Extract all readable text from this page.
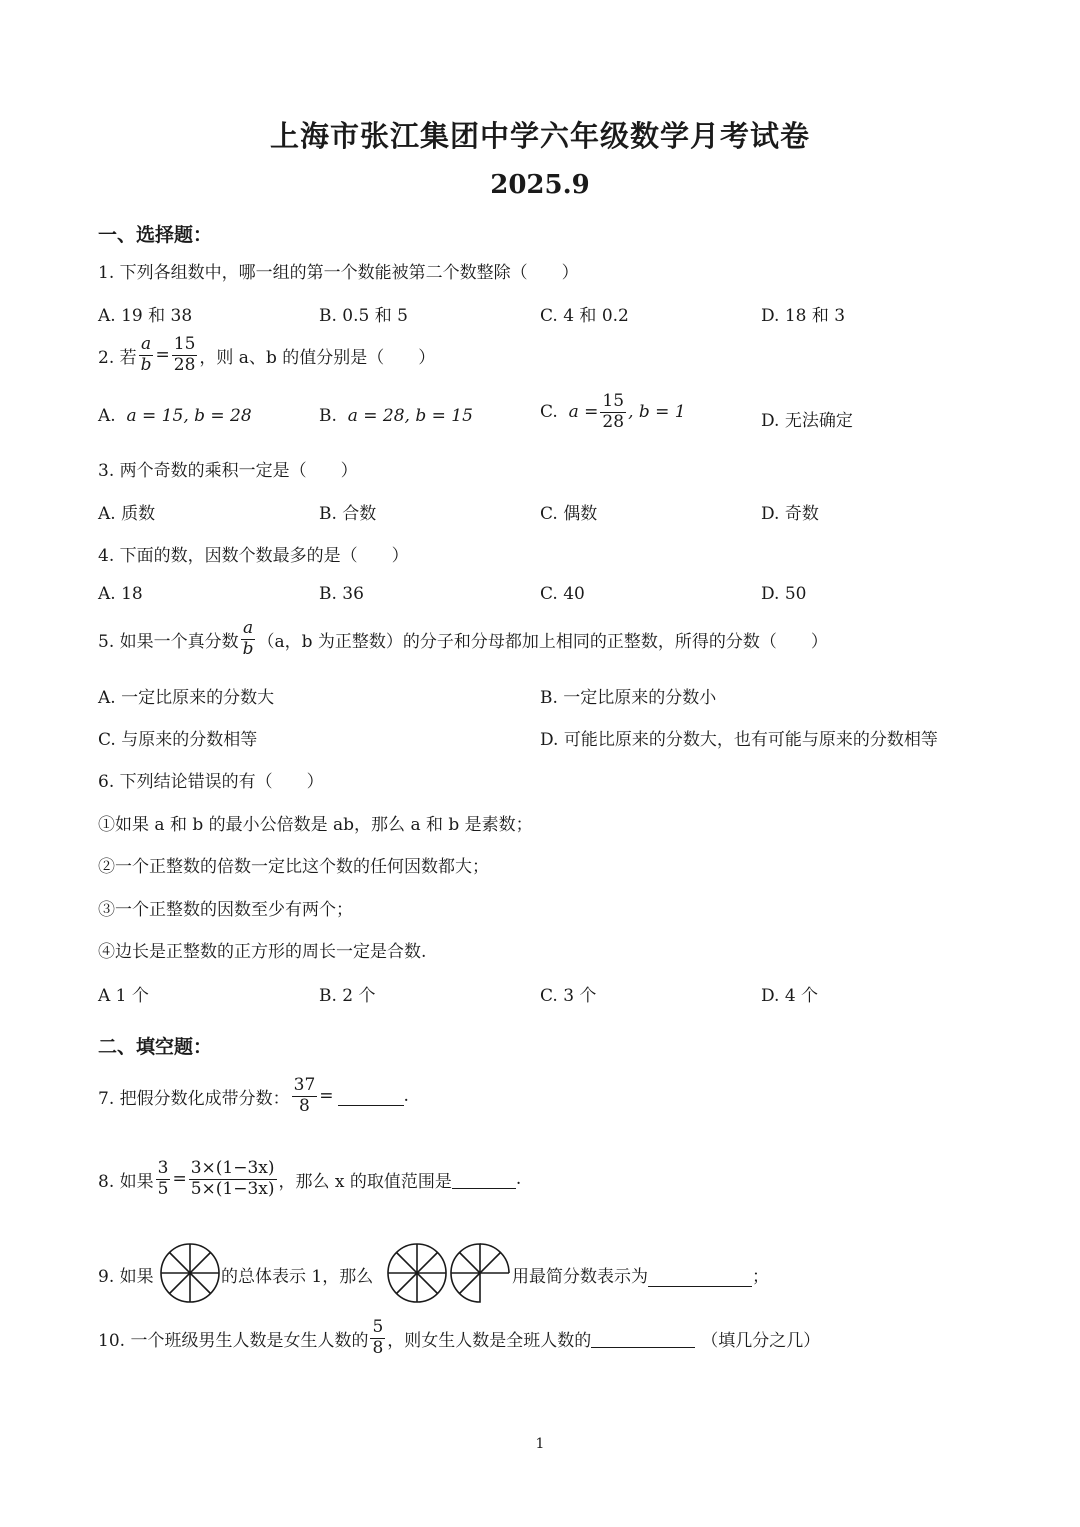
上海市张江集团中学六年级数学月考试卷
2025.9
一、选择题：
1. 下列各组数中，哪一组的第一个数能被第二个数整除（　　）
A. 19 和 38	B. 0.5 和 5	C. 4 和 0.2	D. 18 和 3
2. 若 $\frac{a}{b} = \frac{15}{28}$ ，则 a、b 的值分别是（　　）
A. a = 15, b = 28	B. a = 28, b = 15	C.
$a = \frac{15}{28}$ , b = 1	D. 无法确定
3. 两个奇数的乘积一定是（　　）
A. 质数	B. 合数	C. 偶数	D. 奇数
4. 下面的数，因数个数最多的是（　　）
A. 18	B. 36	C. 40	D. 50
5. 如果一个真分数 $\frac{a}{b} (a$，b 为正整数）的分子和分母都加上相同的正整数，所得的分数（　　）
A. 一定比原来的分数大	B. 一定比原来的分数小
C. 与原来的分数相等	D. 可能比原来的分数大，也有可能与原来的分数相等
6. 下列结论错误的有（　　）
①如果 a 和 b 的最小公倍数是 ab，那么 a 和 b 是素数；
②一个正整数的倍数一定比这个数的任何因数都大；
③一个正整数的因数至少有两个；
④边长是正整数的正方形的周长一定是合数.
A 1 个	B. 2 个	C. 3 个	D. 4 个
二、填空题：
7. 把假分数化成带分数： $\frac{37}{8}$ =	.
8. 如果 $\frac{3}{5} = \frac{3\times(1-3x)}{5\times(1-3x)}$ ，那么 x 的取值范围是	.
9. 如果	的总体表示 1，那么	用最简分数表示为	；
10. 一个班级男生人数是女生人数的 $\frac{5}{8}$ ，则女生人数是全班人数的	（填几分之几）
1
